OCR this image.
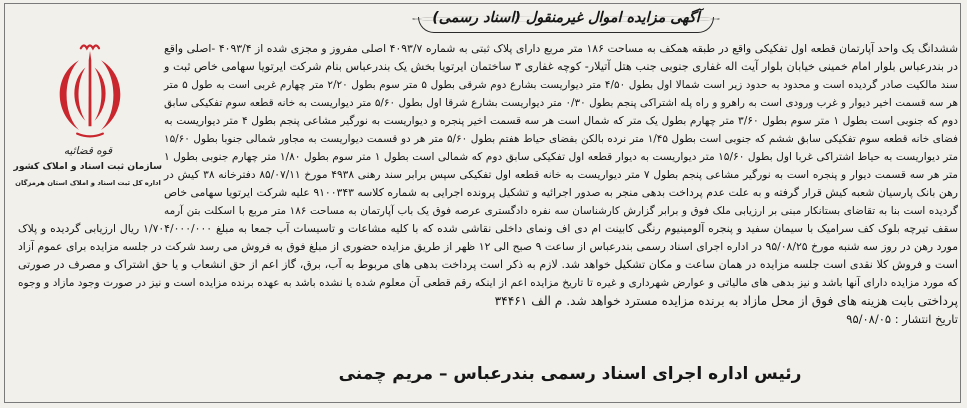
آگهی مزایده اموال غیرمنقول (اسناد رسمی)
قوه قضائیه
سازمان ثبت اسناد و املاک کشور
اداره کل ثبت اسناد و املاک استان هرمزگان
ششدانگ یک واحد آپارتمان قطعه اول تفکیکی واقع در طبقه همکف به مساحت ۱۸۶ متر مربع دارای پلاک ثبتی به شماره ۴۰۹۳/۷ اصلی مفروز و مجزی شده از ۴۰۹۳/۴ -اصلی واقع
در بندرعباس بلوار امام خمینی خیابان بلوار آیت اله غفاری جنوبی جنب هتل آتیلار- کوچه غفاری ۳ ساختمان ایرتویا بخش یک بندرعباس بنام شرکت ایرتویا سهامی خاص ثبت و
سند مالکیت صادر گردیده است و محدود به حدود زیر است شمالا اول بطول ۴/۵۰ متر دیواریست بشارع دوم شرقی بطول ۵ متر سوم بطول ۲/۲۰ متر چهارم غربی است به طول ۵ متر
هر سه قسمت اخیر دیوار و غرب ورودی است به راهرو و راه پله اشتراکی پنجم بطول ۰/۳۰ متر دیواریست بشارع شرقا اول بطول ۵/۶۰ متر دیواریست به خانه قطعه سوم تفکیکی سابق
دوم که جنوبی است بطول ۱ متر سوم بطول ۳/۶۰ متر چهارم بطول یک متر که شمال است هر سه قسمت اخیر پنجره و دیواریست به نورگیر مشاعی پنجم بطول ۴ متر دیواریست به
فضای خانه قطعه سوم تفکیکی سابق ششم که جنوبی است بطول ۱/۴۵ متر نرده بالکن بفضای حیاط هفتم بطول ۵/۶۰ متر هر دو قسمت دیواریست به مجاور شمالی جنوبا بطول ۱۵/۶۰
متر دیواریست به حیاط اشتراکی غربا اول بطول ۱۵/۶۰ متر دیواریست به دیوار قطعه اول تفکیکی سابق دوم که شمالی است بطول ۱ متر سوم بطول ۱/۸۰ متر چهارم جنوبی بطول ۱
متر هر سه قسمت دیوار و پنجره است به نورگیر مشاعی پنجم بطول ۷ متر دیواریست به خانه قطعه اول تفکیکی سپس برابر سند رهنی ۴۹۳۸ مورخ ۸۵/۰۷/۱۱ دفترخانه ۳۸ کیش در
رهن بانک پارسیان شعبه کیش قرار گرفته و به علت عدم پرداخت بدهی منجر به صدور اجرائیه و تشکیل پرونده اجرایی به شماره کلاسه ۹۱۰۰۳۴۳ علیه شرکت ایرتویا سهامی خاص
گردیده است بنا به تقاضای بستانکار مبنی بر ارزیابی ملک فوق و برابر گزارش کارشناسان سه نفره دادگستری عرصه فوق یک باب آپارتمان به مساحت ۱۸۶ متر مربع با اسکلت بتن آرمه
سقف تیرچه بلوک کف سرامیک با سیمان سفید و پنجره آلومینیوم رنگی کابینت ام دی اف ونمای داخلی نقاشی شده که با کلیه مشاعات و تاسیسات آب جمعا به مبلغ ۱/۷۰۴/۰۰۰/۰۰۰ ریال ارزیابی گردیده و پلاک
مورد رهن در روز سه شنبه مورخ ۹۵/۰۸/۲۵ در اداره اجرای اسناد رسمی بندرعباس از ساعت ۹ صبح الی ۱۲ ظهر از طریق مزایده حضوری از مبلغ فوق به فروش می رسد شرکت در جلسه مزایده برای عموم آزاد
است و فروش کلا نقدی است جلسه مزایده در همان ساعت و مکان تشکیل خواهد شد. لازم به ذکر است پرداخت بدهی های مربوط به آب، برق، گاز اعم از حق انشعاب و یا حق اشتراک و مصرف در صورتی
که مورد مزایده دارای آنها باشد و نیز بدهی های مالیاتی و عوارض شهرداری و غیره تا تاریخ مزایده اعم از اینکه رقم قطعی آن معلوم شده یا نشده باشد به عهده برنده مزایده است و نیز در صورت وجود مازاد و وجوه
پرداختی بابت هزینه های فوق از محل مازاد به برنده مزایده مسترد خواهد شد. م الف ۳۴۴۶۱
تاریخ انتشار : ۹۵/۰۸/۰۵
رئیس اداره اجرای اسناد رسمی بندرعباس – مریم چمنی
